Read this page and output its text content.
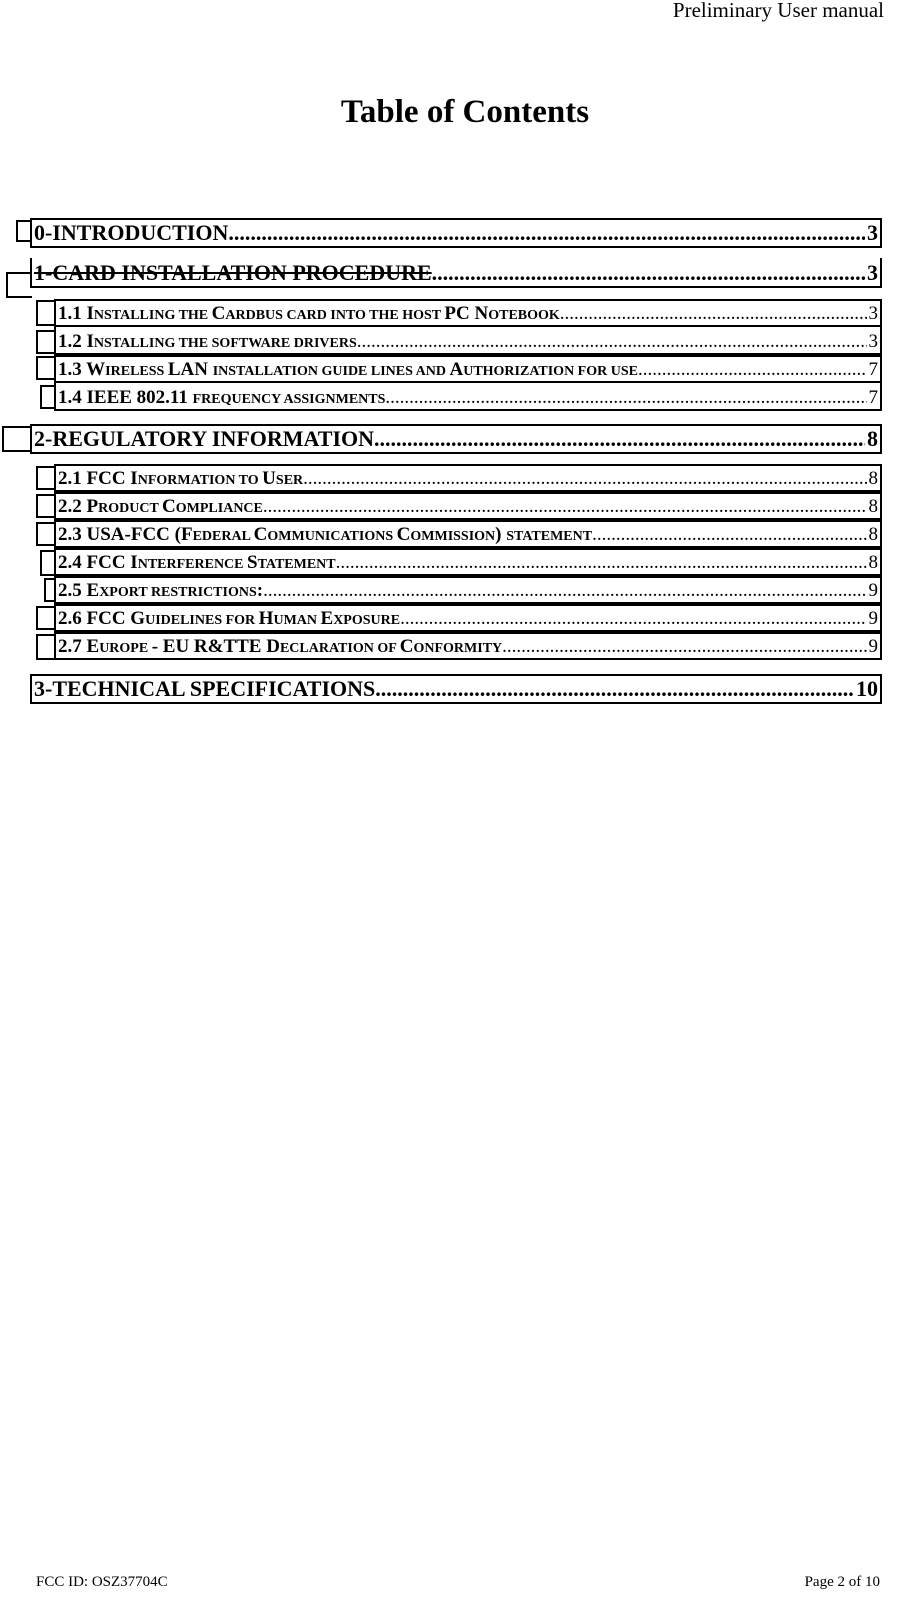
Preliminary User manual
Table of Contents
0-INTRODUCTION .....	3
1-CARD INSTALLATION PROCEDURE .....	3
1.1 INSTALLING THE CARDBUS CARD INTO THE HOST PC NOTEBOOK .....	3
1.2 INSTALLING THE SOFTWARE DRIVERS .....	3
1.3 WIRELESS LAN INSTALLATION GUIDE LINES AND AUTHORIZATION FOR USE .....	7
1.4 IEEE 802.11 FREQUENCY ASSIGNMENTS .....	7
2-REGULATORY INFORMATION .....	8
2.1 FCC INFORMATION TO USER .....	8
2.2 PRODUCT COMPLIANCE .....	8
2.3 USA-FCC (FEDERAL COMMUNICATIONS COMMISSION) STATEMENT .....	8
2.4 FCC INTERFERENCE STATEMENT .....	8
2.5 EXPORT RESTRICTIONS: .....	9
2.6 FCC GUIDELINES FOR HUMAN EXPOSURE .....	9
2.7 EUROPE - EU R&TTE DECLARATION OF CONFORMITY .....	9
3-TECHNICAL SPECIFICATIONS .....	10
FCC ID: OSZ37704C	Page 2 of 10
